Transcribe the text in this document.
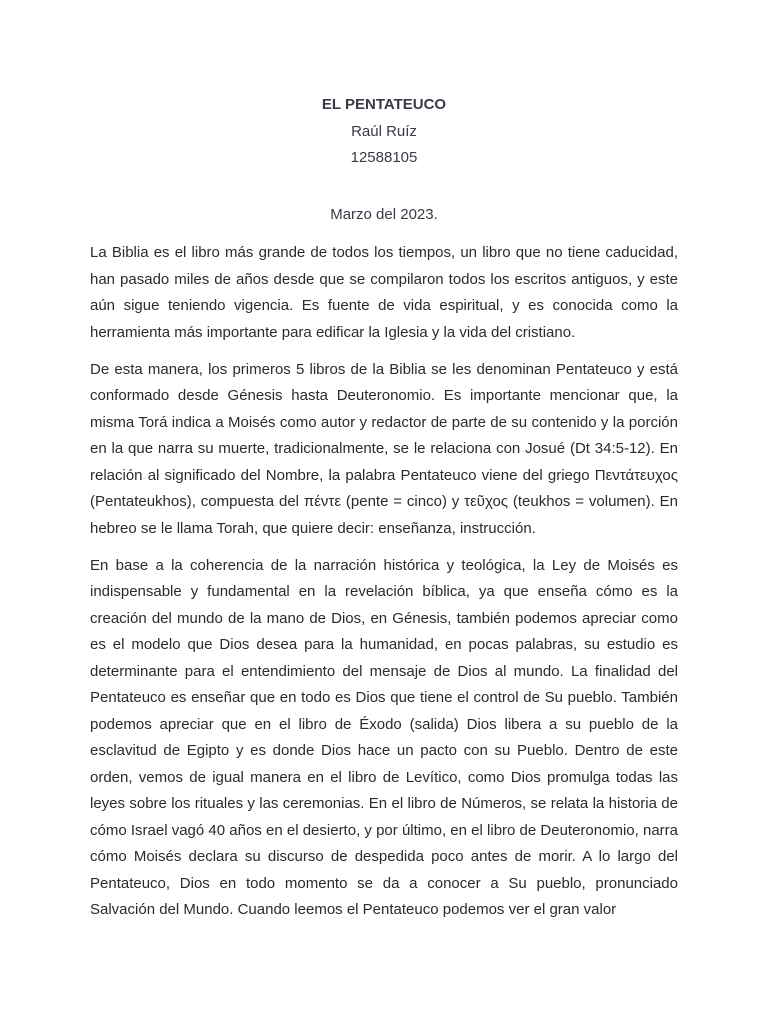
EL PENTATEUCO
Raúl Ruíz
12588105
Marzo del 2023.

La Biblia es el libro más grande de todos los tiempos, un libro que no tiene caducidad, han pasado miles de años desde que se compilaron todos los escritos antiguos, y este aún sigue teniendo vigencia. Es fuente de vida espiritual, y es conocida como la herramienta más importante para edificar la Iglesia y la vida del cristiano.

De esta manera, los primeros 5 libros de la Biblia se les denominan Pentateuco y está conformado desde Génesis hasta Deuteronomio. Es importante mencionar que, la misma Torá indica a Moisés como autor y redactor de parte de su contenido y la porción en la que narra su muerte, tradicionalmente, se le relaciona con Josué (Dt 34:5-12). En relación al significado del Nombre, la palabra Pentateuco viene del griego Πεντάτευχος (Pentateukhos), compuesta del πέντε (pente = cinco) y τεῦχος (teukhos = volumen). En hebreo se le llama Torah, que quiere decir: enseñanza, instrucción.

En base a la coherencia de la narración histórica y teológica, la Ley de Moisés es indispensable y fundamental en la revelación bíblica, ya que enseña cómo es la creación del mundo de la mano de Dios, en Génesis, también podemos apreciar como es el modelo que Dios desea para la humanidad, en pocas palabras, su estudio es determinante para el entendimiento del mensaje de Dios al mundo. La finalidad del Pentateuco es enseñar que en todo es Dios que tiene el control de Su pueblo. También podemos apreciar que en el libro de Éxodo (salida) Dios libera a su pueblo de la esclavitud de Egipto y es donde Dios hace un pacto con su Pueblo. Dentro de este orden, vemos de igual manera en el libro de Levítico, como Dios promulga todas las leyes sobre los rituales y las ceremonias. En el libro de Números, se relata la historia de cómo Israel vagó 40 años en el desierto, y por último, en el libro de Deuteronomio, narra cómo Moisés declara su discurso de despedida poco antes de morir. A lo largo del Pentateuco, Dios en todo momento se da a conocer a Su pueblo, pronunciado Salvación del Mundo. Cuando leemos el Pentateuco podemos ver el gran valor
